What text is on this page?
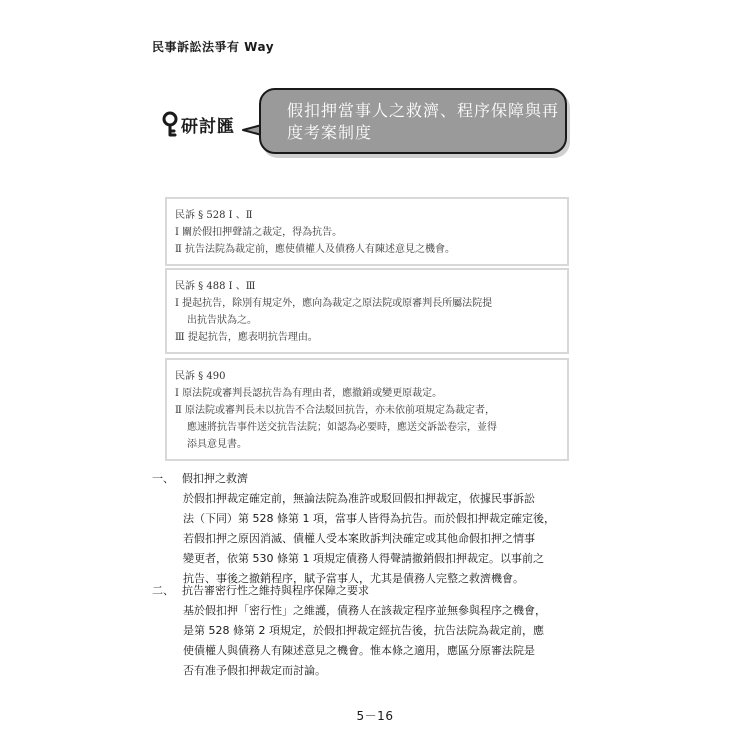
民事訴訟法爭有 Way
研討匯

假扣押當事人之救濟、程序保障與再
度考案制度

民訴 § 528 Ⅰ 、Ⅱ

Ⅰ 關於假扣押聲請之裁定，得為抗告。

Ⅱ 抗告法院為裁定前，應使債權人及債務人有陳述意見之機會。

民訴 § 488 Ⅰ 、Ⅲ

Ⅰ 提起抗告，除別有規定外，應向為裁定之原法院或原審判長所屬法院提

出抗告狀為之。

Ⅲ 提起抗告，應表明抗告理由。

民訴 § 490

Ⅰ 原法院或審判長認抗告為有理由者，應撤銷或變更原裁定。

Ⅱ 原法院或審判長未以抗告不合法駁回抗告，亦未依前項規定為裁定者，

應速將抗告事件送交抗告法院；如認為必要時，應送交訴訟卷宗，並得

添具意見書。

一、 假扣押之救濟

於假扣押裁定確定前，無論法院為准許或駁回假扣押裁定，依據民事訴訟
法（下同）第 528 條第 1 項，當事人皆得為抗告。而於假扣押裁定確定後，
若假扣押之原因消滅、債權人受本案敗訴判決確定或其他命假扣押之情事
變更者，依第 530 條第 1 項規定債務人得聲請撤銷假扣押裁定。以事前之
抗告、事後之撤銷程序，賦予當事人，尤其是債務人完整之救濟機會。

二、 抗告審密行性之維持與程序保障之要求

基於假扣押「密行性」之維護，債務人在該裁定程序並無參與程序之機會，
是第 528 條第 2 項規定，於假扣押裁定經抗告後，抗告法院為裁定前，應
使債權人與債務人有陳述意見之機會。惟本條之適用，應區分原審法院是
否有准予假扣押裁定而討論。

5－16
